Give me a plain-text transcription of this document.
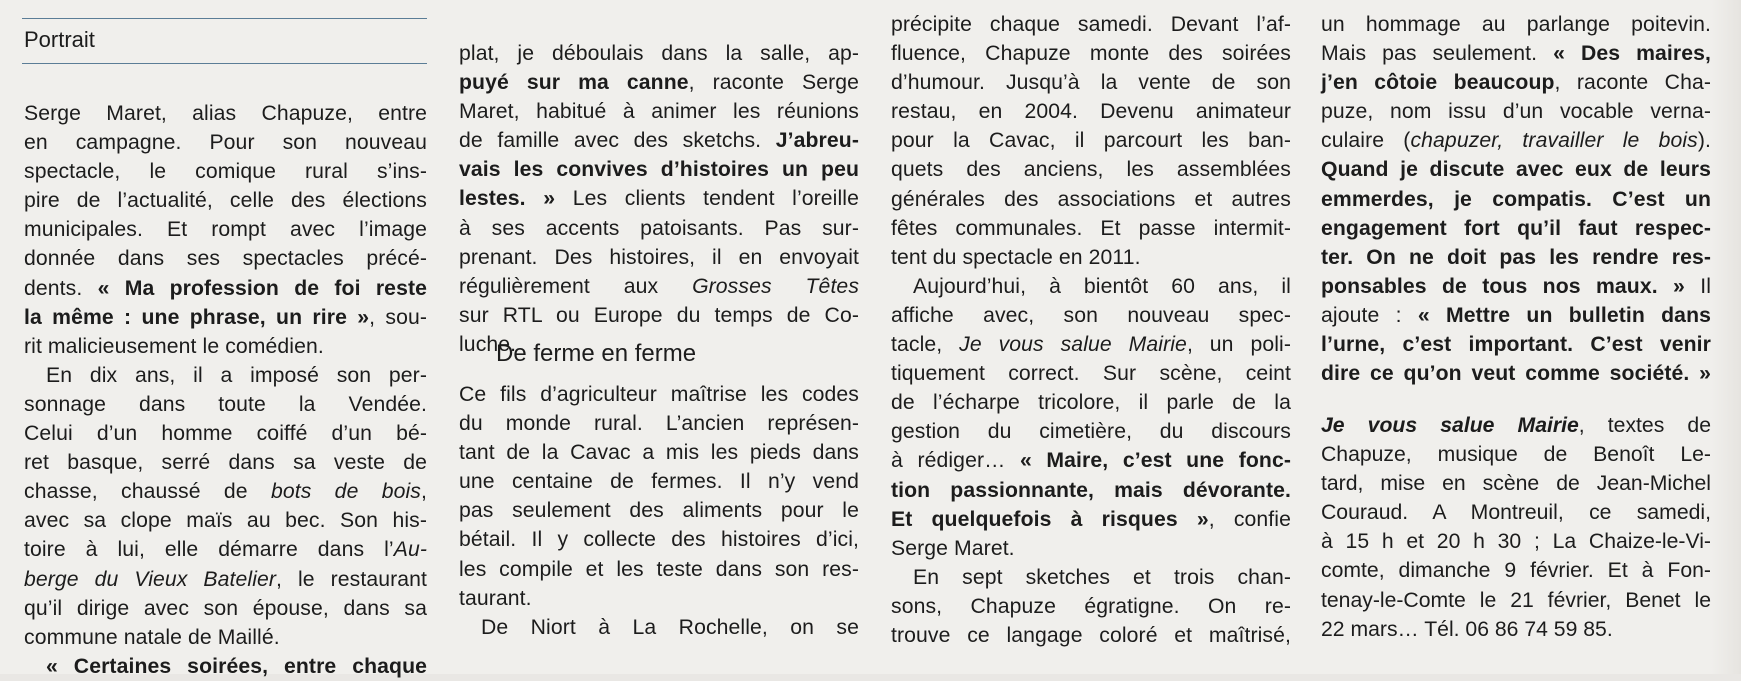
Portrait
Serge Maret, alias Chapuze, entre
en campagne. Pour son nouveau
spectacle, le comique rural s’ins-
pire de l’actualité, celle des élections
municipales. Et rompt avec l’image
donnée dans ses spectacles précé-
dents. « Ma profession de foi reste
la même : une phrase, un rire », sou-
rit malicieusement le comédien.
En dix ans, il a imposé son per-
sonnage dans toute la Vendée.
Celui d’un homme coiffé d’un bé-
ret basque, serré dans sa veste de
chasse, chaussé de bots de bois,
avec sa clope maïs au bec. Son his-
toire à lui, elle démarre dans l’Au-
berge du Vieux Batelier, le restaurant
qu’il dirige avec son épouse, dans sa
commune natale de Maillé.
« Certaines soirées, entre chaque
plat, je déboulais dans la salle, ap-
puyé sur ma canne, raconte Serge
Maret, habitué à animer les réunions
de famille avec des sketchs. J’abreu-
vais les convives d’histoires un peu
lestes. » Les clients tendent l’oreille
à ses accents patoisants. Pas sur-
prenant. Des histoires, il en envoyait
régulièrement aux Grosses Têtes
sur RTL ou Europe du temps de Co-
luche.
De ferme en ferme
Ce fils d’agriculteur maîtrise les codes
du monde rural. L’ancien représen-
tant de la Cavac a mis les pieds dans
une centaine de fermes. Il n’y vend
pas seulement des aliments pour le
bétail. Il y collecte des histoires d’ici,
les compile et les teste dans son res-
taurant.
De Niort à La Rochelle, on se
précipite chaque samedi. Devant l’af-
fluence, Chapuze monte des soirées
d’humour. Jusqu’à la vente de son
restau, en 2004. Devenu animateur
pour la Cavac, il parcourt les ban-
quets des anciens, les assemblées
générales des associations et autres
fêtes communales. Et passe intermit-
tent du spectacle en 2011.
Aujourd’hui, à bientôt 60 ans, il
affiche avec, son nouveau spec-
tacle, Je vous salue Mairie, un poli-
tiquement correct. Sur scène, ceint
de l’écharpe tricolore, il parle de la
gestion du cimetière, du discours
à rédiger… « Maire, c’est une fonc-
tion passionnante, mais dévorante.
Et quelquefois à risques », confie
Serge Maret.
En sept sketches et trois chan-
sons, Chapuze égratigne. On re-
trouve ce langage coloré et maîtrisé,
un hommage au parlange poitevin.
Mais pas seulement. « Des maires,
j’en côtoie beaucoup, raconte Cha-
puze, nom issu d’un vocable verna-
culaire (chapuzer, travailler le bois).
Quand je discute avec eux de leurs
emmerdes, je compatis. C’est un
engagement fort qu’il faut respec-
ter. On ne doit pas les rendre res-
ponsables de tous nos maux. » Il
ajoute : « Mettre un bulletin dans
l’urne, c’est important. C’est venir
dire ce qu’on veut comme société. »
Je vous salue Mairie, textes de
Chapuze, musique de Benoît Le-
tard, mise en scène de Jean-Michel
Couraud. A Montreuil, ce samedi,
à 15 h et 20 h 30 ; La Chaize-le-Vi-
comte, dimanche 9 février. Et à Fon-
tenay-le-Comte le 21 février, Benet le
22 mars… Tél. 06 86 74 59 85.
